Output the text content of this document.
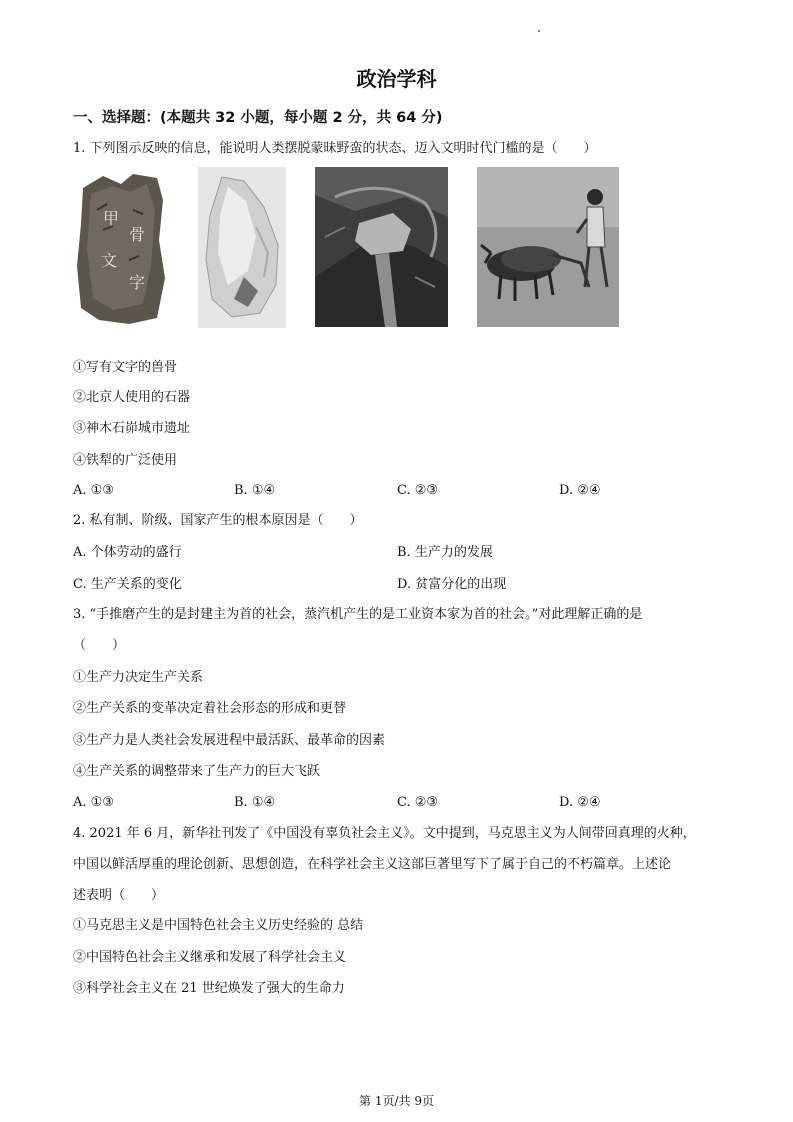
政治学科
一、选择题：(本题共 32 小题，每小题 2 分，共 64 分)
1. 下列图示反映的信息，能说明人类摆脱蒙昧野蛮的状态、迈入文明时代门槛的是（　　）
甲
骨
文
字
①写有文字的兽骨
②北京人使用的石器
③神木石峁城市遗址
④铁犁的广泛使用
A. ①③	B. ①④	C. ②③	D. ②④
2. 私有制、阶级、国家产生的根本原因是（　　）
A. 个体劳动的盛行	B. 生产力的发展
C. 生产关系的变化	D. 贫富分化的出现
3. “手推磨产生的是封建主为首的社会，蒸汽机产生的是工业资本家为首的社会。”对此理解正确的是
（　　）
①生产力决定生产关系
②生产关系的变革决定着社会形态的形成和更替
③生产力是人类社会发展进程中最活跃、最革命的因素
④生产关系的调整带来了生产力的巨大飞跃
A. ①③	B. ①④	C. ②③	D. ②④
4. 2021 年 6 月，新华社刊发了《中国没有辜负社会主义》。文中提到，马克思主义为人间带回真理的火种，
中国以鲜活厚重的理论创新、思想创造，在科学社会主义这部巨著里写下了属于自己的不朽篇章。上述论
述表明（　　）
①马克思主义是中国特色社会主义历史经验的 总结
②中国特色社会主义继承和发展了科学社会主义
③科学社会主义在 21 世纪焕发了强大的生命力
第 1页/共 9页
